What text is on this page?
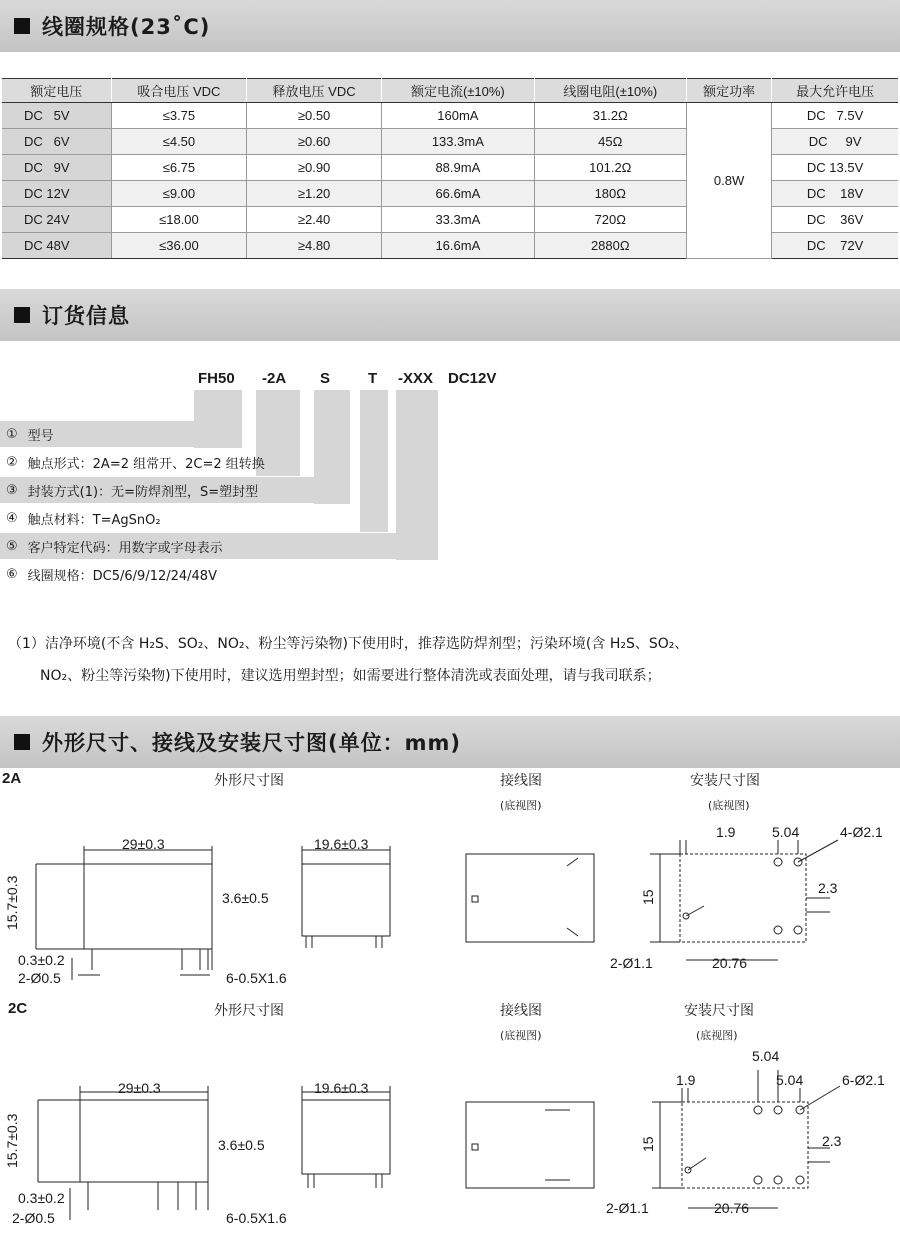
线圈规格(23˚C)
额定电压	吸合电压 VDC	释放电压 VDC	额定电流(±10%)	线圈电阻(±10%)	额定功率	最大允许电压
DC   5V	≤3.75	≥0.50	160mA	31.2Ω	0.8W	DC   7.5V
DC   6V	≤4.50	≥0.60	133.3mA	45Ω		DC     9V
DC   9V	≤6.75	≥0.90	88.9mA	101.2Ω		DC 13.5V
DC 12V	≤9.00	≥1.20	66.6mA	180Ω		DC    18V
DC 24V	≤18.00	≥2.40	33.3mA	720Ω		DC    36V
DC 48V	≤36.00	≥4.80	16.6mA	2880Ω		DC    72V
订货信息
FH50 -2A S	T -XXX DC12V
① 型号
② 触点形式：2A=2 组常开、2C=2 组转换
③ 封装方式(1)：无=防焊剂型，S=塑封型
④ 触点材料：T=AgSnO₂
⑤ 客户特定代码：用数字或字母表示
⑥ 线圈规格：DC5/6/9/12/24/48V
（1）洁净环境(不含 H₂S、SO₂、NO₂、粉尘等污染物)下使用时，推荐选防焊剂型；污染环境(含 H₂S、SO₂、
NO₂、粉尘等污染物)下使用时，建议选用塑封型；如需要进行整体清洗或表面处理，请与我司联系；
外形尺寸、接线及安装尺寸图(单位：mm)
2A	外形尺寸图	接线图
(底视图)
安装尺寸图
(底视图)
29±0.3	19.6±0.3
15.7±0.3	3.6±0.5
0.3±0.2
2-Ø0.5	6-0.5X1.6
1.9	5.04	4-Ø2.1
15
2.3
2-Ø1.1	20.76
2C	外形尺寸图	接线图
(底视图)
安装尺寸图
(底视图)
29±0.3	19.6±0.3
15.7±0.3	3.6±0.5
0.3±0.2
2-Ø0.5	6-0.5X1.6
5.04
1.9	5.04	6-Ø2.1
15	2.3
2-Ø1.1	20.76
